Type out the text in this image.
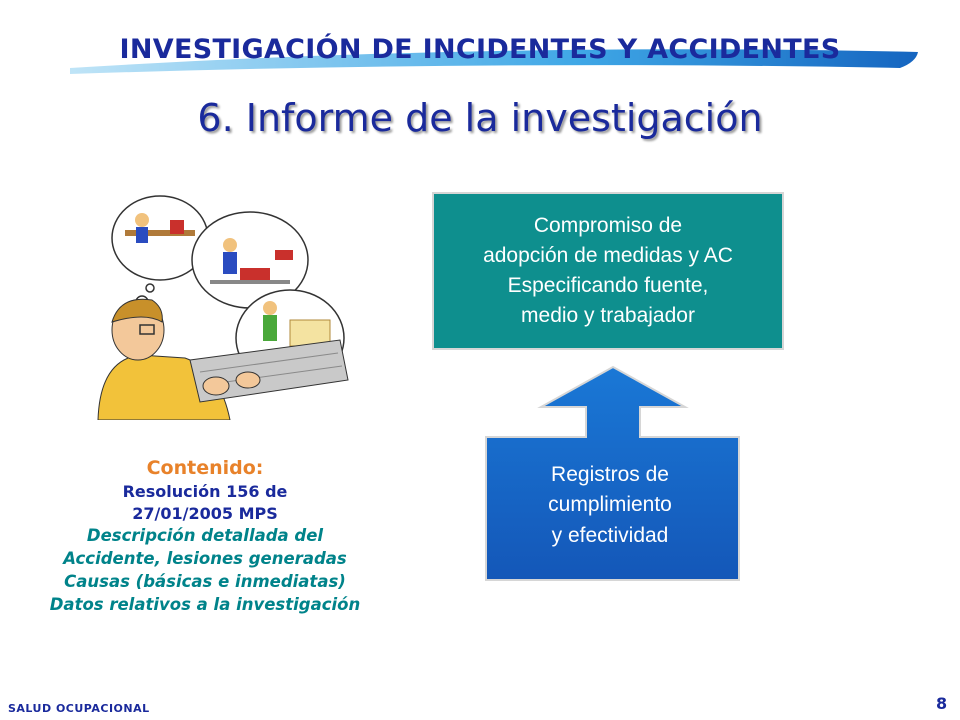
INVESTIGACIÓN DE INCIDENTES Y ACCIDENTES
6. Informe de la investigación
Contenido:
Resolución 156 de
27/01/2005 MPS
Descripción detallada del
Accidente, lesiones generadas
Causas (básicas e inmediatas)
Datos relativos a la investigación
Compromiso de
adopción de medidas y AC
Especificando fuente,
medio y trabajador
Registros de
cumplimiento
y efectividad
SALUD OCUPACIONAL	8
